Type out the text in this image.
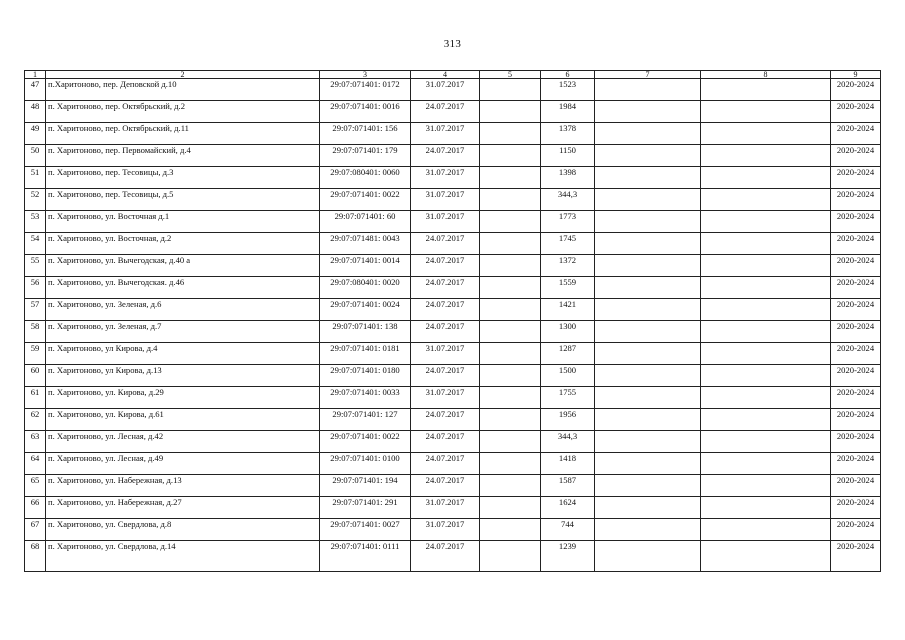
313
1	2	3	4	5	6	7	8	9
47	п.Харитоново, пер. Деповской д.10	29:07:071401: 0172	31.07.2017		1523			2020-2024
48	п. Харитоново, пер. Октябрьский, д.2	29:07:071401: 0016	24.07.2017		1984			2020-2024
49	п. Харитоново, пер. Октябрьский, д.11	29:07:071401: 156	31.07.2017		1378			2020-2024
50	п. Харитоново, пер. Первомайский, д.4	29:07:071401: 179	24.07.2017		1150			2020-2024
51	п. Харитоново, пер. Тесовицы, д.3	29:07:080401: 0060	31.07.2017		1398			2020-2024
52	п. Харитоново, пер. Тесовицы, д.5	29:07:071401: 0022	31.07.2017		344,3			2020-2024
53	п. Харитоново, ул. Восточная д.1	29:07:071401: 60	31.07.2017		1773			2020-2024
54	п. Харитоново, ул. Восточная, д.2	29:07:071481: 0043	24.07.2017		1745			2020-2024
55	п. Харитоново, ул. Вычегодская, д.40 а	29:07:071401: 0014	24.07.2017		1372			2020-2024
56	п. Харитоново, ул. Вычегодская. д.46	29:07:080401: 0020	24.07.2017		1559			2020-2024
57	п. Харитоново, ул. Зеленая, д.6	29:07:071401: 0024	24.07.2017		1421			2020-2024
58	п. Харитоново, ул. Зеленая, д.7	29:07:071401: 138	24.07.2017		1300			2020-2024
59	п. Харитоново, ул Кирова, д.4	29:07:071401: 0181	31.07.2017		1287			2020-2024
60	п. Харитоново, ул Кирова, д.13	29:07:071401: 0180	24.07.2017		1500			2020-2024
61	п. Харитоново, ул. Кирова, д.29	29:07:071401: 0033	31.07.2017		1755			2020-2024
62	п. Харитоново, ул. Кирова, д.61	29:07:071401: 127	24.07.2017		1956			2020-2024
63	п. Харитоново, ул. Лесная, д.42	29:07:071401: 0022	24.07.2017		344,3			2020-2024
64	п. Харитоново, ул. Лесная, д.49	29:07:071401: 0100	24.07.2017		1418			2020-2024
65	п. Харитоново, ул. Набережная, д.13	29:07:071401: 194	24.07.2017		1587			2020-2024
66	п. Харитоново, ул. Набережная, д.27	29:07:071401: 291	31.07.2017		1624			2020-2024
67	п. Харитоново, ул. Свердлова, д.8	29:07:071401: 0027	31.07.2017		744			2020-2024
68	п. Харитоново, ул. Свердлова, д.14	29:07:071401: 0111	24.07.2017		1239			2020-2024
